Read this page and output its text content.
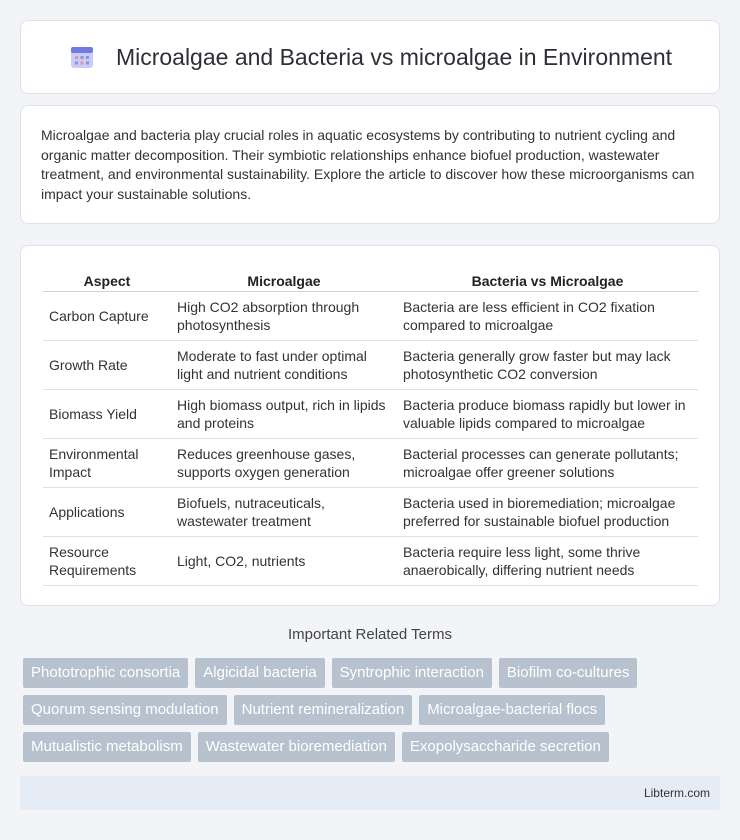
Microalgae and Bacteria vs microalgae in Environment

Microalgae and bacteria play crucial roles in aquatic ecosystems by contributing to nutrient cycling and organic matter decomposition. Their symbiotic relationships enhance biofuel production, wastewater treatment, and environmental sustainability. Explore the article to discover how these microorganisms can impact your sustainable solutions.

Aspect	Microalgae	Bacteria vs Microalgae
Carbon Capture	High CO2 absorption through photosynthesis	Bacteria are less efficient in CO2 fixation compared to microalgae
Growth Rate	Moderate to fast under optimal light and nutrient conditions	Bacteria generally grow faster but may lack photosynthetic CO2 conversion
Biomass Yield	High biomass output, rich in lipids and proteins	Bacteria produce biomass rapidly but lower in valuable lipids compared to microalgae
Environmental Impact	Reduces greenhouse gases, supports oxygen generation	Bacterial processes can generate pollutants; microalgae offer greener solutions
Applications	Biofuels, nutraceuticals, wastewater treatment	Bacteria used in bioremediation; microalgae preferred for sustainable biofuel production
Resource Requirements	Light, CO2, nutrients	Bacteria require less light, some thrive anaerobically, differing nutrient needs
Important Related Terms
Phototrophic consortia	Algicidal bacteria	Syntrophic interaction	Biofilm co-cultures
Quorum sensing modulation	Nutrient remineralization	Microalgae-bacterial flocs
Mutualistic metabolism	Wastewater bioremediation	Exopolysaccharide secretion
Libterm.com
